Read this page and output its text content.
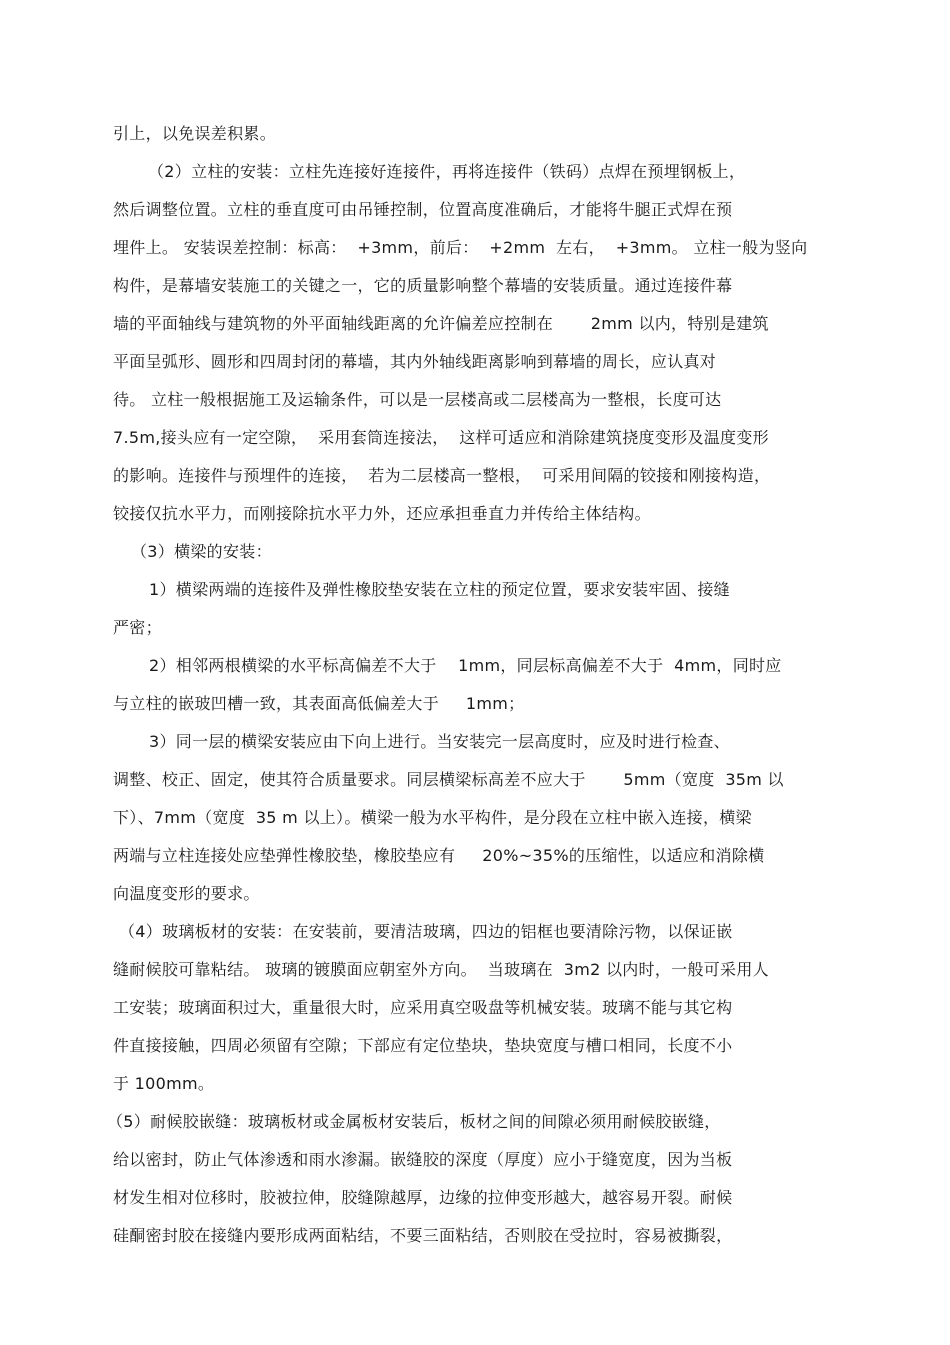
引上，以免误差积累。
（2）立柱的安装：立柱先连接好连接件，再将连接件（铁码）点焊在预埋钢板上，
然后调整位置。立柱的垂直度可由吊锤控制，位置高度准确后，才能将牛腿正式焊在预
埋件上。 安装误差控制：标高：  +3mm，前后：  +2mm  左右，  +3mm。 立柱一般为竖向
构件，是幕墙安装施工的关键之一，它的质量影响整个幕墙的安装质量。通过连接件幕
墙的平面轴线与建筑物的外平面轴线距离的允许偏差应控制在       2mm 以内，特别是建筑
平面呈弧形、圆形和四周封闭的幕墙，其内外轴线距离影响到幕墙的周长，应认真对
待。 立柱一般根据施工及运输条件，可以是一层楼高或二层楼高为一整根，长度可达
7.5m,接头应有一定空隙，  采用套筒连接法，  这样可适应和消除建筑挠度变形及温度变形
的影响。连接件与预埋件的连接，  若为二层楼高一整根，  可采用间隔的铰接和刚接构造，
铰接仅抗水平力，而刚接除抗水平力外，还应承担垂直力并传给主体结构。
（3）横梁的安装：
1）横梁两端的连接件及弹性橡胶垫安装在立柱的预定位置，要求安装牢固、接缝
严密；
2）相邻两根横梁的水平标高偏差不大于    1mm，同层标高偏差不大于  4mm，同时应
与立柱的嵌玻凹槽一致，其表面高低偏差大于     1mm；
3）同一层的横梁安装应由下向上进行。当安装完一层高度时，应及时进行检查、
调整、校正、固定，使其符合质量要求。同层横梁标高差不应大于       5mm（宽度  35m 以
下）、7mm（宽度  35 m 以上）。横梁一般为水平构件，是分段在立柱中嵌入连接，横梁
两端与立柱连接处应垫弹性橡胶垫，橡胶垫应有     20%~35%的压缩性，以适应和消除横
向温度变形的要求。
（4）玻璃板材的安装：在安装前，要清洁玻璃，四边的铝框也要清除污物，以保证嵌
缝耐候胶可靠粘结。 玻璃的镀膜面应朝室外方向。  当玻璃在  3m2 以内时，一般可采用人
工安装；玻璃面积过大，重量很大时，应采用真空吸盘等机械安装。玻璃不能与其它构
件直接接触，四周必须留有空隙；下部应有定位垫块，垫块宽度与槽口相同，长度不小
于 100mm。
（5）耐候胶嵌缝：玻璃板材或金属板材安装后，板材之间的间隙必须用耐候胶嵌缝，
给以密封，防止气体渗透和雨水渗漏。嵌缝胶的深度（厚度）应小于缝宽度，因为当板
材发生相对位移时，胶被拉伸，胶缝隙越厚，边缘的拉伸变形越大，越容易开裂。耐候
硅酮密封胶在接缝内要形成两面粘结，不要三面粘结，否则胶在受拉时，容易被撕裂，
